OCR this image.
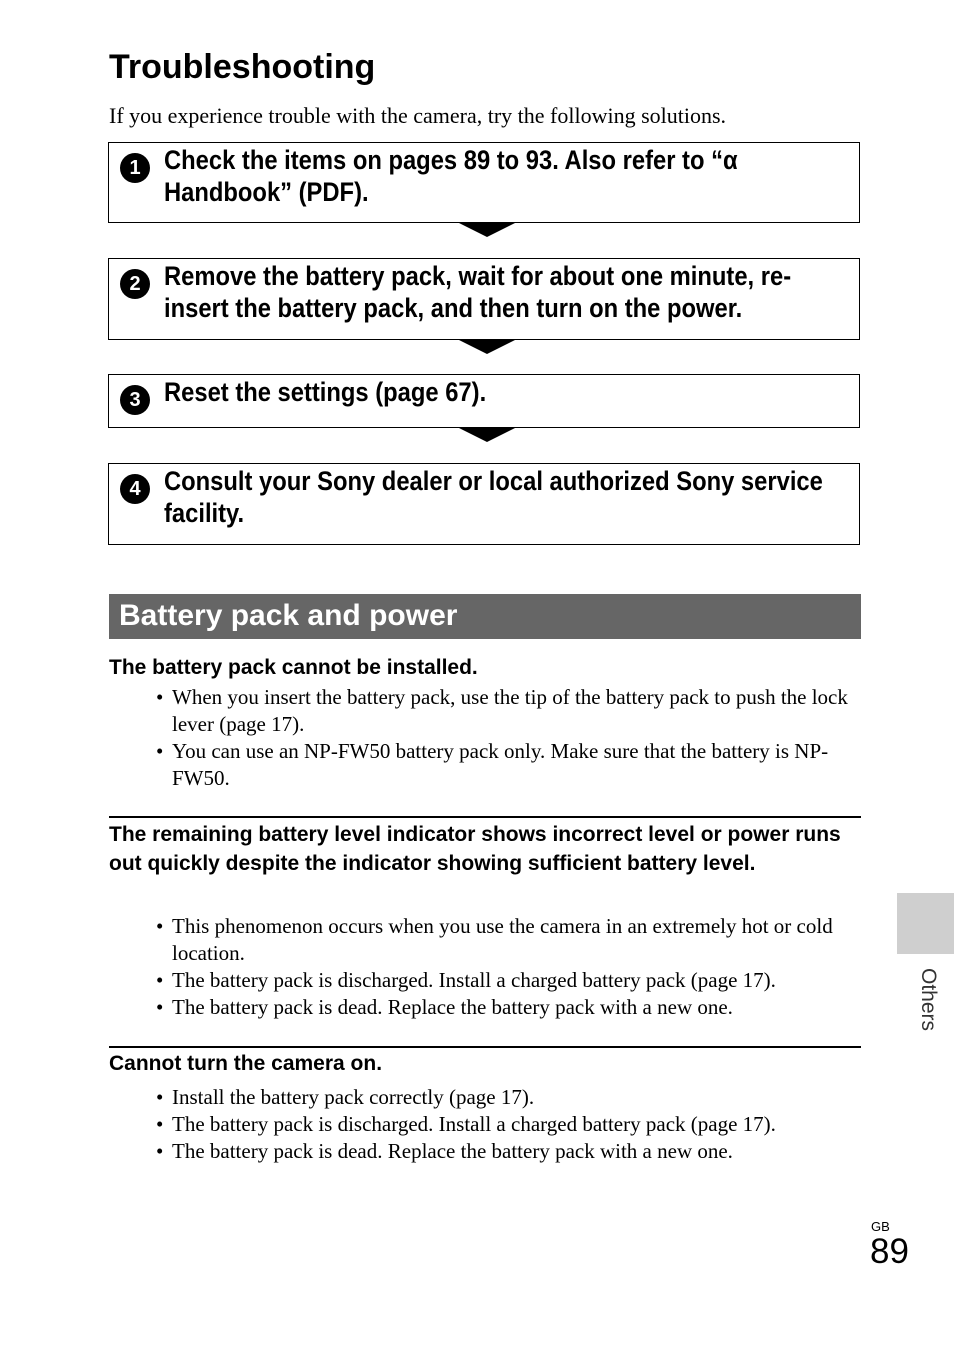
Troubleshooting
If you experience trouble with the camera, try the following solutions.
1 Check the items on pages 89 to 93. Also refer to “α Handbook” (PDF).
2 Remove the battery pack, wait for about one minute, re-insert the battery pack, and then turn on the power.
3 Reset the settings (page 67).
4 Consult your Sony dealer or local authorized Sony service facility.
Battery pack and power
The battery pack cannot be installed.
• When you insert the battery pack, use the tip of the battery pack to push the lock lever (page 17).
• You can use an NP-FW50 battery pack only. Make sure that the battery is NP-FW50.
The remaining battery level indicator shows incorrect level or power runs out quickly despite the indicator showing sufficient battery level.
• This phenomenon occurs when you use the camera in an extremely hot or cold location.
• The battery pack is discharged. Install a charged battery pack (page 17).
• The battery pack is dead. Replace the battery pack with a new one.
Cannot turn the camera on.
• Install the battery pack correctly (page 17).
• The battery pack is discharged. Install a charged battery pack (page 17).
• The battery pack is dead. Replace the battery pack with a new one.
Others
GB
89
